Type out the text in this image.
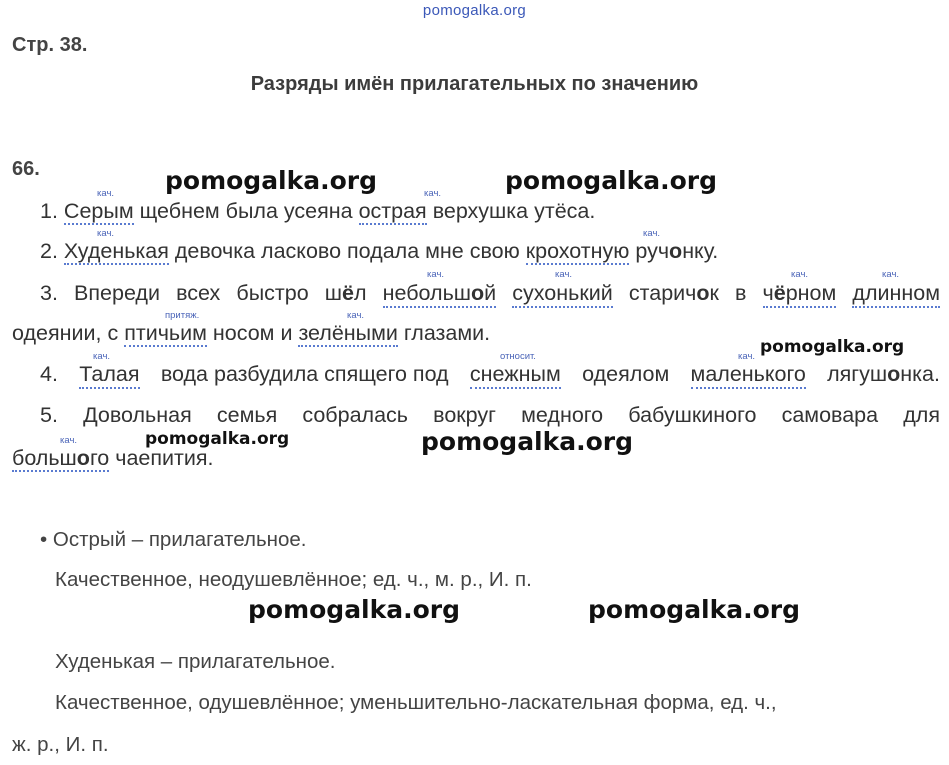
pomogalka.org
Стр. 38.
Разряды имён прилагательных по значению
66.	pomogalka.org	pomogalka.org
pomogalka.org
pomogalka.org	pomogalka.org
pomogalka.org	pomogalka.org
кач.	кач.
1. Серым щебнем была усеяна острая верхушка утёса.
кач.	кач.
2. Худенькая девочка ласково подала мне свою крохотную ручонку.
кач.	кач.	кач.	кач.
3. Впереди всех быстро шёл небольшой сухонький старичок в чёрном длинном
притяж.	кач.
одеянии, с птичьим носом и зелёными глазами.
кач.	относит.	кач.
4. Талая вода разбудила спящего под снежным одеялом маленького лягушонка.
5. Довольная семья собралась вокруг медного бабушкиного самовара для
кач.
большого чаепития.
• Острый – прилагательное.
Качественное, неодушевлённое; ед. ч., м. р., И. п.
Худенькая – прилагательное.
Качественное, одушевлённое; уменьшительно-ласкательная форма, ед. ч.,
ж. р., И. п.
